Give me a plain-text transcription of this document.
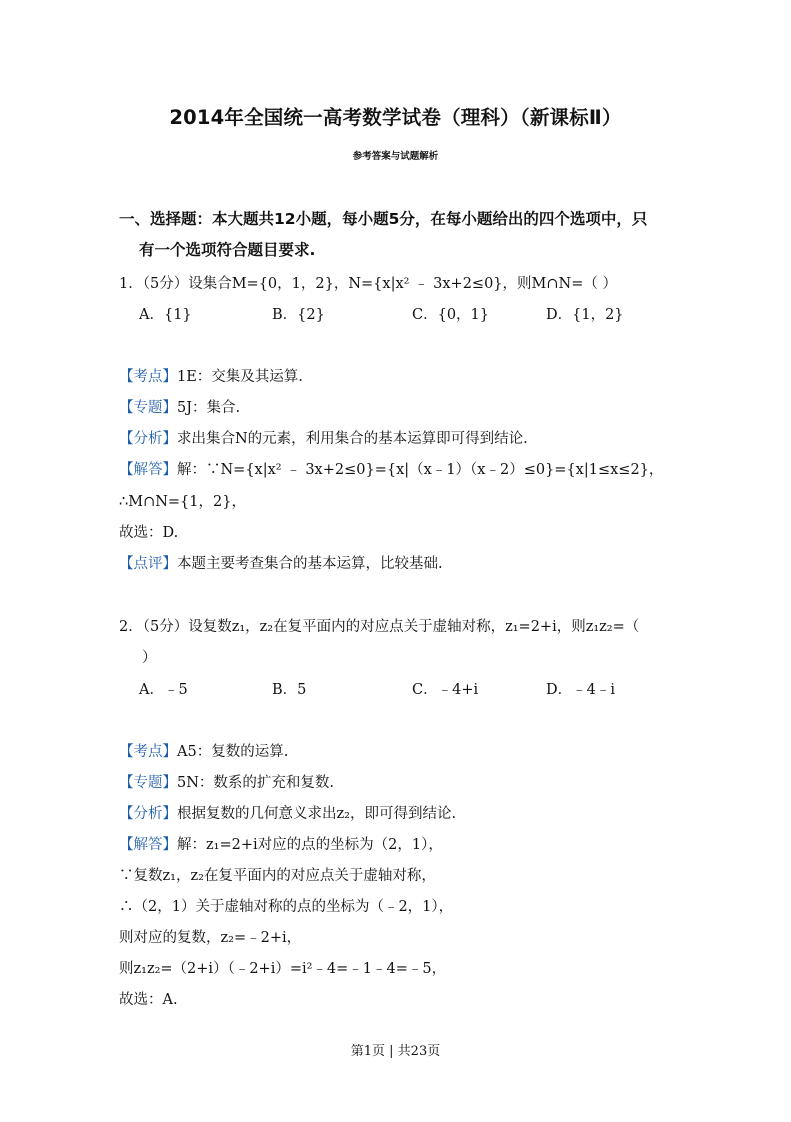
2014年全国统一高考数学试卷（理科）（新课标Ⅱ）
参考答案与试题解析
一、选择题：本大题共12小题，每小题5分，在每小题给出的四个选项中，只
有一个选项符合题目要求.
1．（5分）设集合M={0，1，2}，N={x|x² ﹣ 3x+2≤0}，则M∩N=（ ）
A．{1}	B．{2}	C．{0，1}	D．{1，2}
【考点】1E：交集及其运算.
【专题】5J：集合.
【分析】求出集合N的元素，利用集合的基本运算即可得到结论.
【解答】解：∵N={x|x² ﹣ 3x+2≤0}={x|（x﹣1）（x﹣2）≤0}={x|1≤x≤2}，
∴M∩N={1，2}，
故选：D.
【点评】本题主要考查集合的基本运算，比较基础.
2．（5分）设复数z₁，z₂在复平面内的对应点关于虚轴对称，z₁=2+i，则z₁z₂=（
）
A．﹣5	B．5	C．﹣4+i	D．﹣4﹣i
【考点】A5：复数的运算.
【专题】5N：数系的扩充和复数.
【分析】根据复数的几何意义求出z₂，即可得到结论.
【解答】解：z₁=2+i对应的点的坐标为（2，1），
∵复数z₁，z₂在复平面内的对应点关于虚轴对称，
∴（2，1）关于虚轴对称的点的坐标为（﹣2，1），
则对应的复数，z₂=﹣2+i，
则z₁z₂=（2+i）（﹣2+i）=i²﹣4=﹣1﹣4=﹣5，
故选：A.
第1页 | 共23页
